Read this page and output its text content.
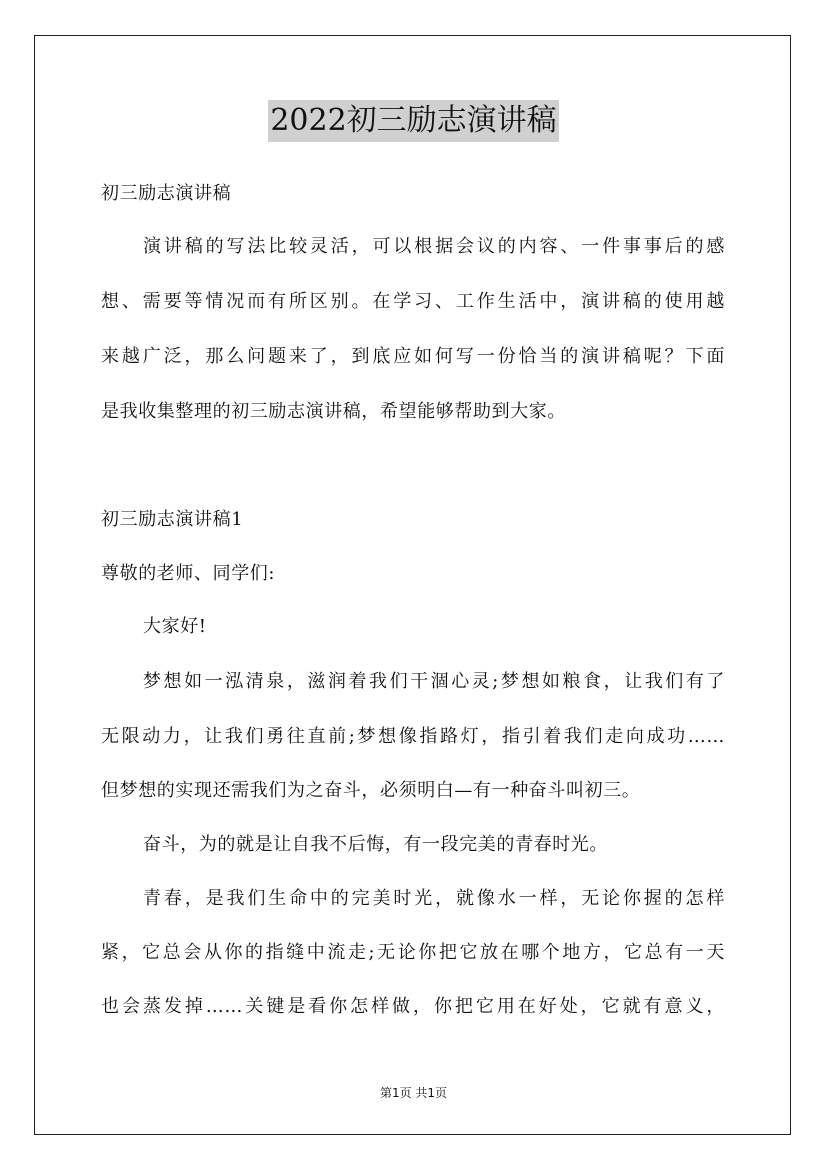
2022初三励志演讲稿
初三励志演讲稿
演讲稿的写法比较灵活，可以根据会议的内容、一件事事后的感
想、需要等情况而有所区别。在学习、工作生活中，演讲稿的使用越
来越广泛，那么问题来了，到底应如何写一份恰当的演讲稿呢？下面
是我收集整理的初三励志演讲稿，希望能够帮助到大家。
初三励志演讲稿1
尊敬的老师、同学们:
大家好!
梦想如一泓清泉，滋润着我们干涸心灵;梦想如粮食，让我们有了
无限动力，让我们勇往直前;梦想像指路灯，指引着我们走向成功……
但梦想的实现还需我们为之奋斗，必须明白—有一种奋斗叫初三。
奋斗，为的就是让自我不后悔，有一段完美的青春时光。
青春，是我们生命中的完美时光，就像水一样，无论你握的怎样
紧，它总会从你的指缝中流走;无论你把它放在哪个地方，它总有一天
也会蒸发掉……关键是看你怎样做，你把它用在好处，它就有意义，
第1页 共1页
